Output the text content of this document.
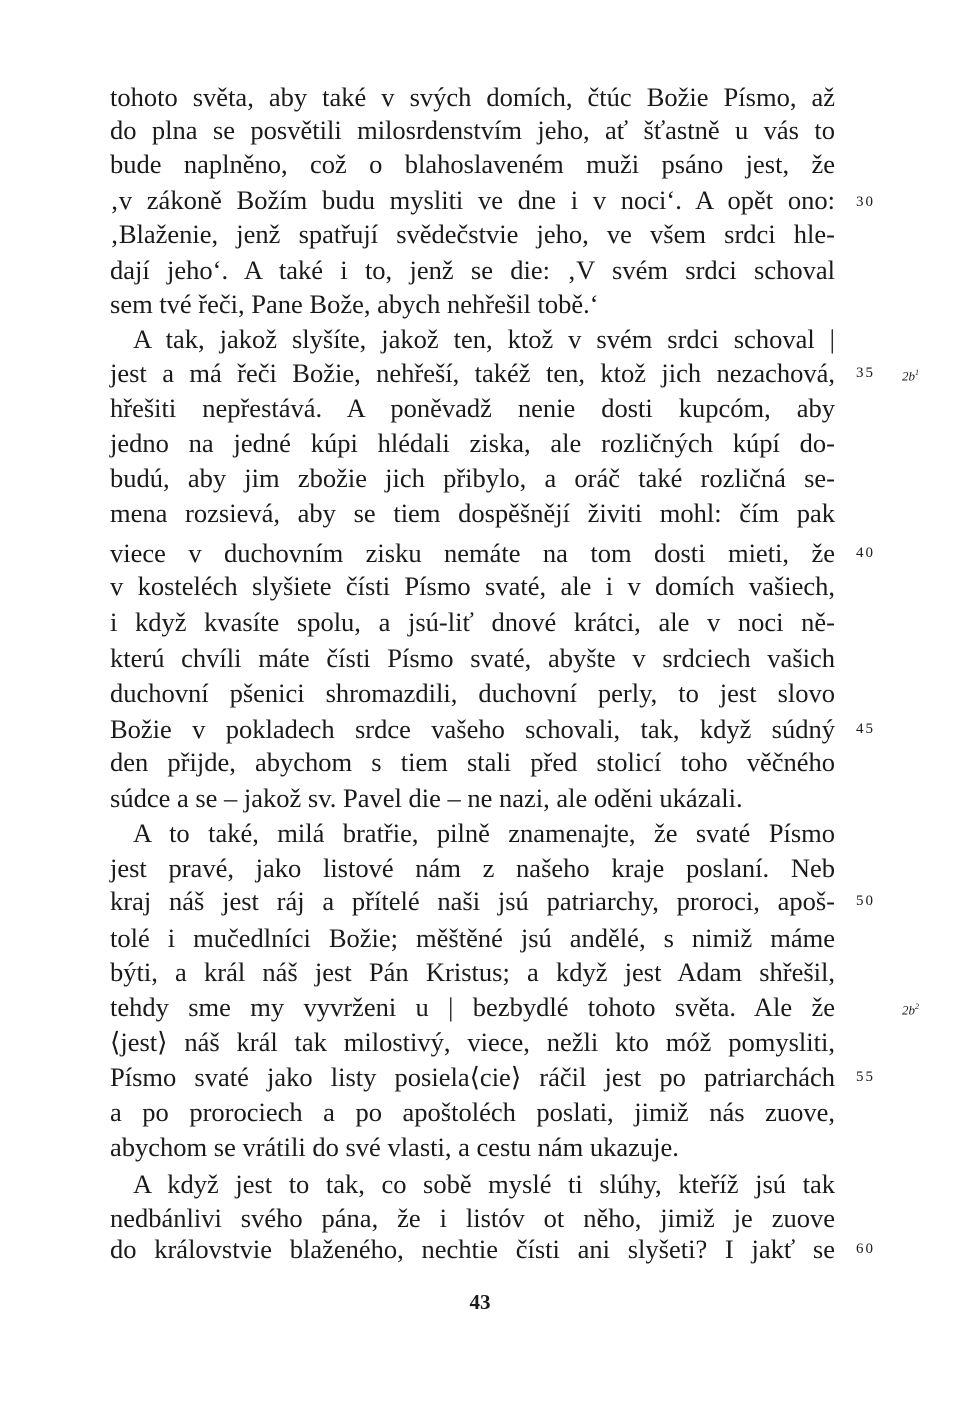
tohoto světa, aby také v svých domích, čtúc Božie Písmo, až
do plna se posvětili milosrdenstvím jeho, ať šťastně u vás to
bude naplněno, což o blahoslaveném muži psáno jest, že
‚v zákoně Božím budu mysliti ve dne i v noci‘. A opět ono:
‚Blaženie, jenž spatřují svědečstvie jeho, ve všem srdci hle-
dají jeho‘. A také i to, jenž se die: ‚V svém srdci schoval
sem tvé řeči, Pane Bože, abych nehřešil tobě.‘
A tak, jakož slyšíte, jakož ten, ktož v svém srdci schoval |
jest a má řeči Božie, nehřeší, takéž ten, ktož jich nezachová,
hřešiti nepřestává. A poněvadž nenie dosti kupcóm, aby
jedno na jedné kúpi hlédali ziska, ale rozličných kúpí do-
budú, aby jim zbožie jich přibylo, a oráč také rozličná se-
mena rozsievá, aby se tiem dospěšnějí živiti mohl: čím pak
viece v duchovním zisku nemáte na tom dosti mieti, že
v kosteléch slyšiete čísti Písmo svaté, ale i v domích vašiech,
i když kvasíte spolu, a jsú-liť dnové krátci, ale v noci ně-
kterú chvíli máte čísti Písmo svaté, abyšte v srdciech vašich
duchovní pšenici shromazdili, duchovní perly, to jest slovo
Božie v pokladech srdce vašeho schovali, tak, když súdný
den přijde, abychom s tiem stali před stolicí toho věčného
súdce a se – jakož sv. Pavel die – ne nazi, ale oděni ukázali.
A to také, milá bratřie, pilně znamenajte, že svaté Písmo
jest pravé, jako listové nám z našeho kraje poslaní. Neb
kraj náš jest ráj a přítelé naši jsú patriarchy, proroci, apoš-
tolé i mučedlníci Božie; měštěné jsú andělé, s nimiž máme
býti, a král náš jest Pán Kristus; a když jest Adam shřešil,
tehdy sme my vyvrženi u | bezbydlé tohoto světa. Ale že
⟨jest⟩ náš král tak milostivý, viece, nežli kto móž pomysliti,
Písmo svaté jako listy posiela⟨cie⟩ ráčil jest po patriarchách
a po prorociech a po apoštoléch poslati, jimiž nás zuove,
abychom se vrátili do své vlasti, a cestu nám ukazuje.
A když jest to tak, co sobě myslé ti slúhy, kteříž jsú tak
nedbánlivi svého pána, že i listóv ot něho, jimiž je zuove
do královstvie blaženého, nechtie čísti ani slyšeti? I jakť se
30
35
40
45
50
55
60
$2b^1$
$2b^2$
43
